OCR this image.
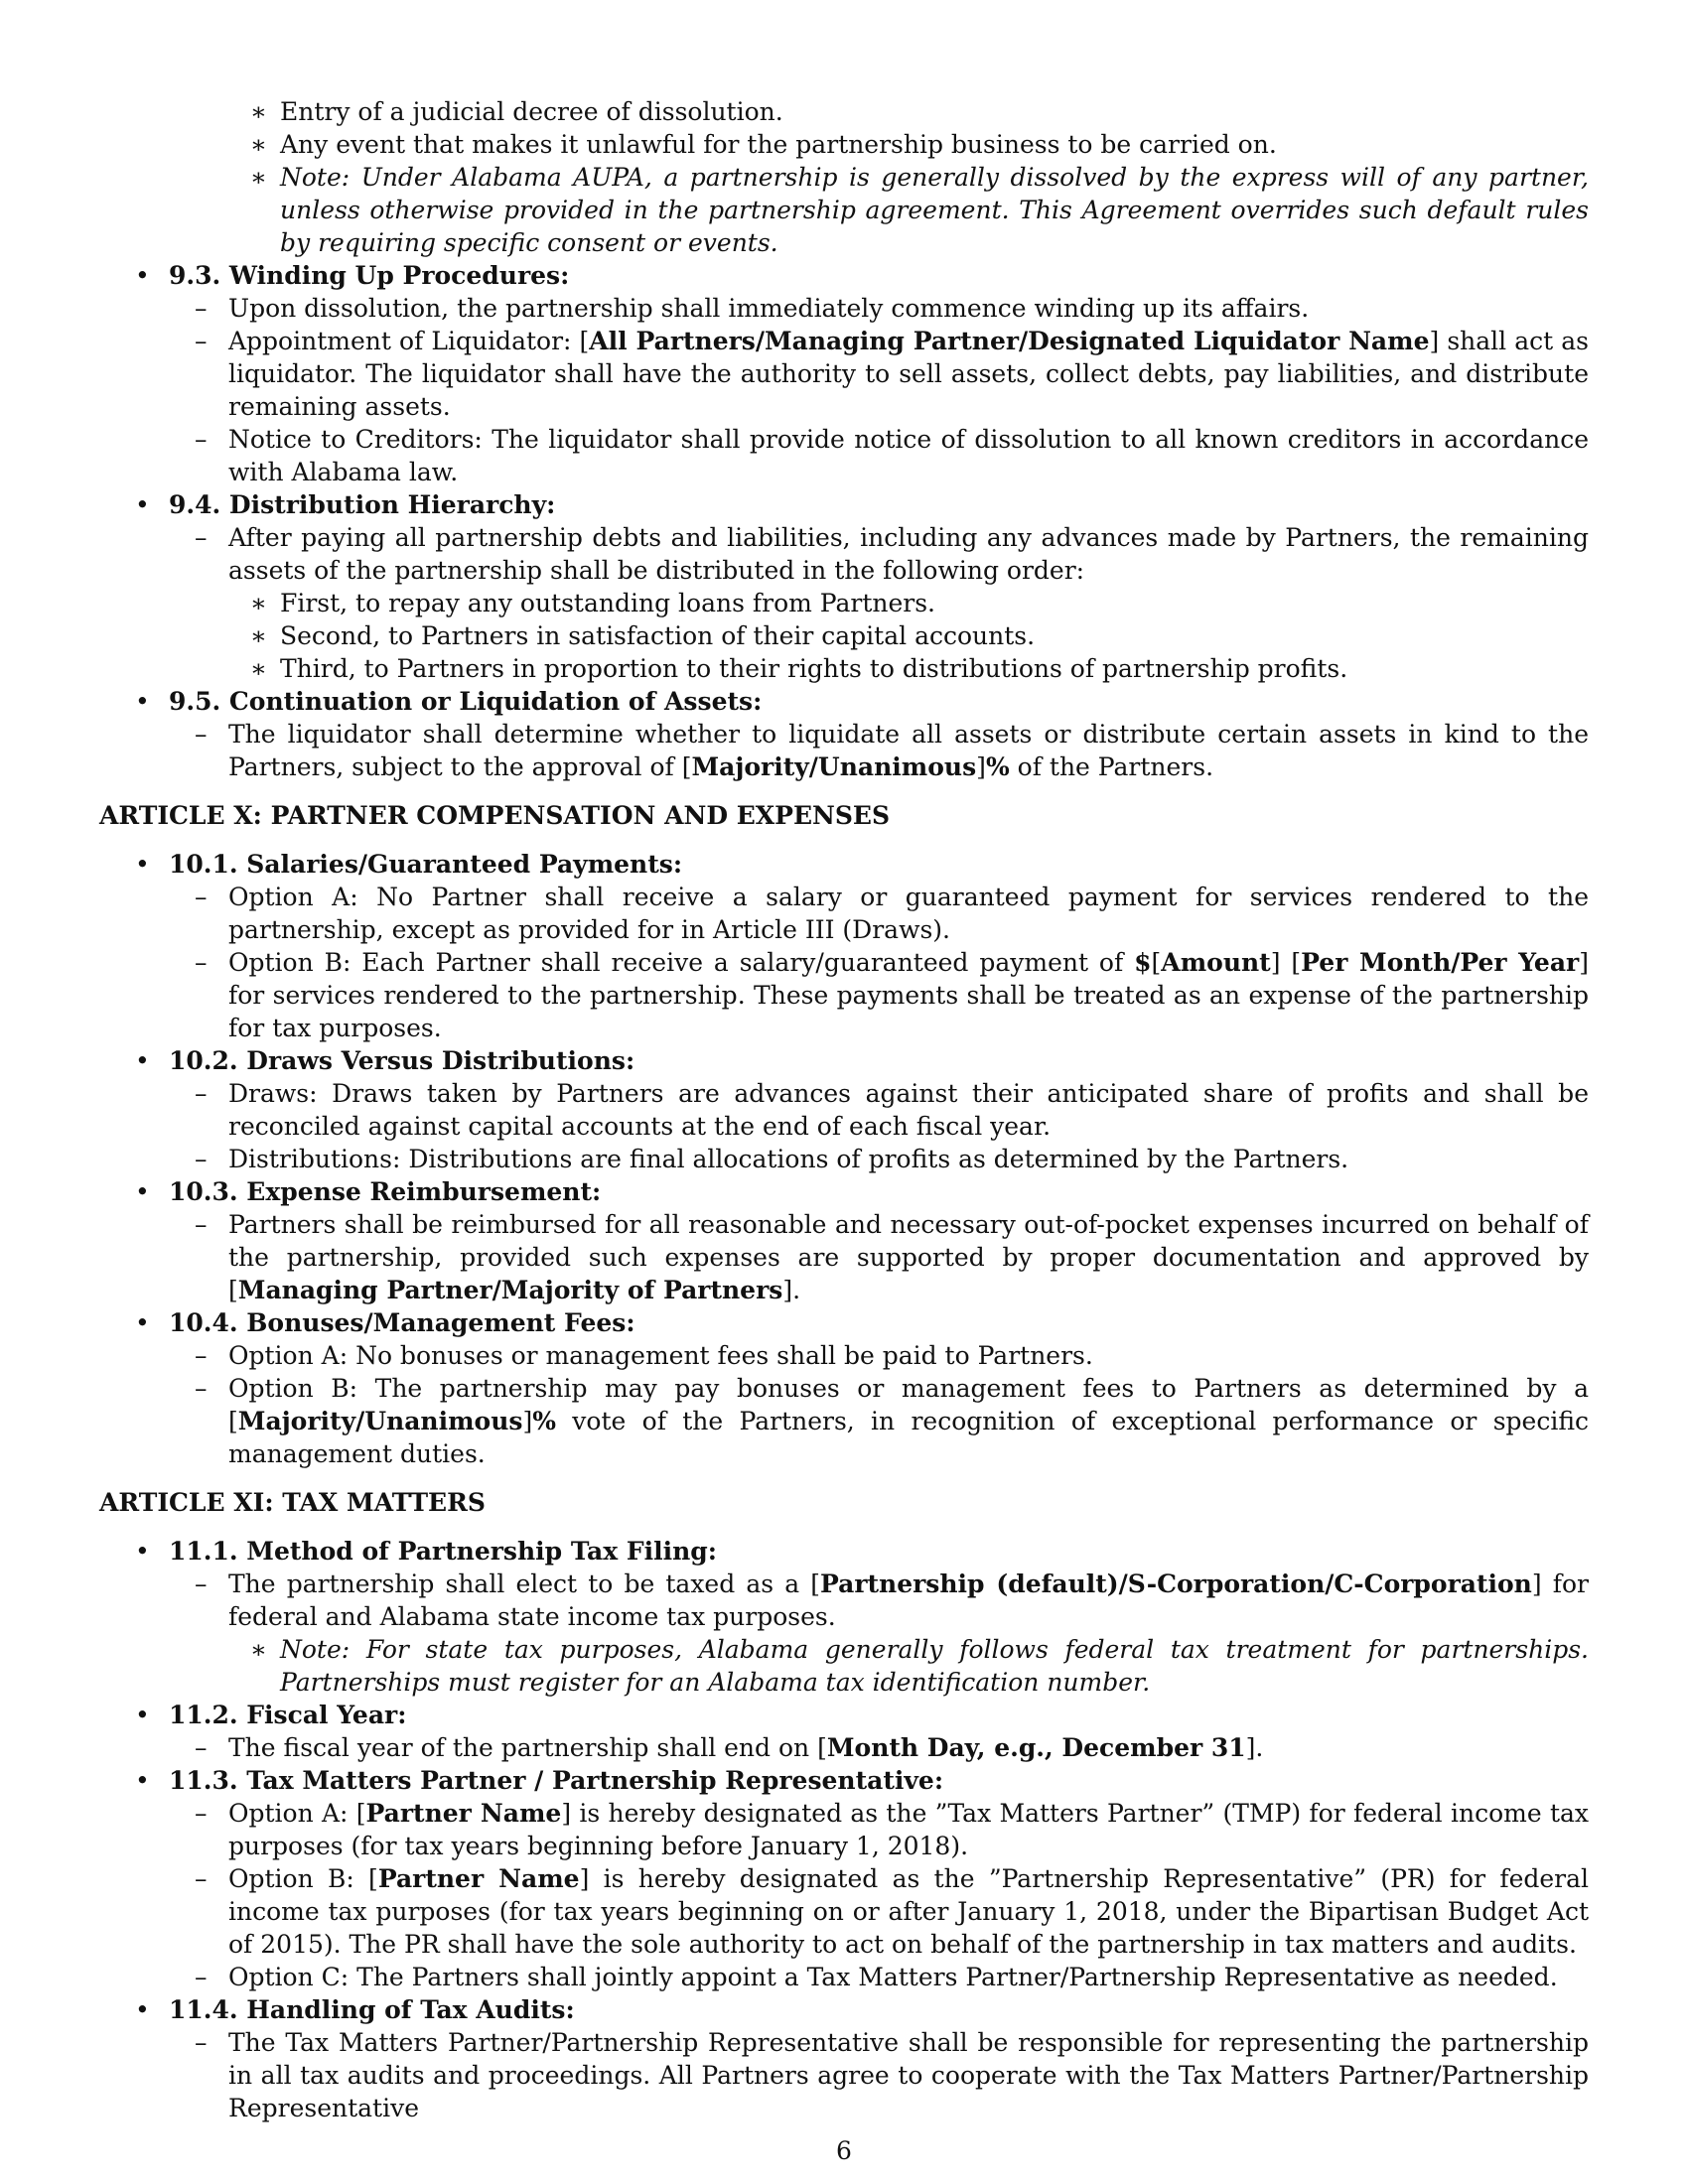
∗ Entry of a judicial decree of dissolution.
∗ Any event that makes it unlawful for the partnership business to be carried on.
∗ Note: Under Alabama AUPA, a partnership is generally dissolved by the express will of any partner, unless otherwise provided in the partnership agreement. This Agreement overrides such default rules by requiring specific consent or events.
• 9.3. Winding Up Procedures:
– Upon dissolution, the partnership shall immediately commence winding up its affairs.
– Appointment of Liquidator: [All Partners/Managing Partner/Designated Liquidator Name] shall act as liquidator. The liquidator shall have the authority to sell assets, collect debts, pay liabilities, and distribute remaining assets.
– Notice to Creditors: The liquidator shall provide notice of dissolution to all known creditors in accordance with Alabama law.
• 9.4. Distribution Hierarchy:
– After paying all partnership debts and liabilities, including any advances made by Partners, the remaining assets of the partnership shall be distributed in the following order:
∗ First, to repay any outstanding loans from Partners.
∗ Second, to Partners in satisfaction of their capital accounts.
∗ Third, to Partners in proportion to their rights to distributions of partnership profits.
• 9.5. Continuation or Liquidation of Assets:
– The liquidator shall determine whether to liquidate all assets or distribute certain assets in kind to the Partners, subject to the approval of [Majority/Unanimous]% of the Partners.
ARTICLE X: PARTNER COMPENSATION AND EXPENSES
• 10.1. Salaries/Guaranteed Payments:
– Option A: No Partner shall receive a salary or guaranteed payment for services rendered to the partnership, except as provided for in Article III (Draws).
– Option B: Each Partner shall receive a salary/guaranteed payment of $[Amount] [Per Month/Per Year] for services rendered to the partnership. These payments shall be treated as an expense of the partnership for tax purposes.
• 10.2. Draws Versus Distributions:
– Draws: Draws taken by Partners are advances against their anticipated share of profits and shall be reconciled against capital accounts at the end of each fiscal year.
– Distributions: Distributions are final allocations of profits as determined by the Partners.
• 10.3. Expense Reimbursement:
– Partners shall be reimbursed for all reasonable and necessary out-of-pocket expenses incurred on behalf of the partnership, provided such expenses are supported by proper documentation and approved by [Managing Partner/Majority of Partners].
• 10.4. Bonuses/Management Fees:
– Option A: No bonuses or management fees shall be paid to Partners.
– Option B: The partnership may pay bonuses or management fees to Partners as determined by a [Majority/Unanimous]% vote of the Partners, in recognition of exceptional performance or specific management duties.
ARTICLE XI: TAX MATTERS
• 11.1. Method of Partnership Tax Filing:
– The partnership shall elect to be taxed as a [Partnership (default)/S-Corporation/C-Corporation] for federal and Alabama state income tax purposes.
∗ Note: For state tax purposes, Alabama generally follows federal tax treatment for partnerships. Partnerships must register for an Alabama tax identification number.
• 11.2. Fiscal Year:
– The fiscal year of the partnership shall end on [Month Day, e.g., December 31].
• 11.3. Tax Matters Partner / Partnership Representative:
– Option A: [Partner Name] is hereby designated as the ”Tax Matters Partner” (TMP) for federal income tax purposes (for tax years beginning before January 1, 2018).
– Option B: [Partner Name] is hereby designated as the ”Partnership Representative” (PR) for federal income tax purposes (for tax years beginning on or after January 1, 2018, under the Bipartisan Budget Act of 2015). The PR shall have the sole authority to act on behalf of the partnership in tax matters and audits.
– Option C: The Partners shall jointly appoint a Tax Matters Partner/Partnership Representative as needed.
• 11.4. Handling of Tax Audits:
– The Tax Matters Partner/Partnership Representative shall be responsible for representing the partnership in all tax audits and proceedings. All Partners agree to cooperate with the Tax Matters Partner/Partnership Representative
6
